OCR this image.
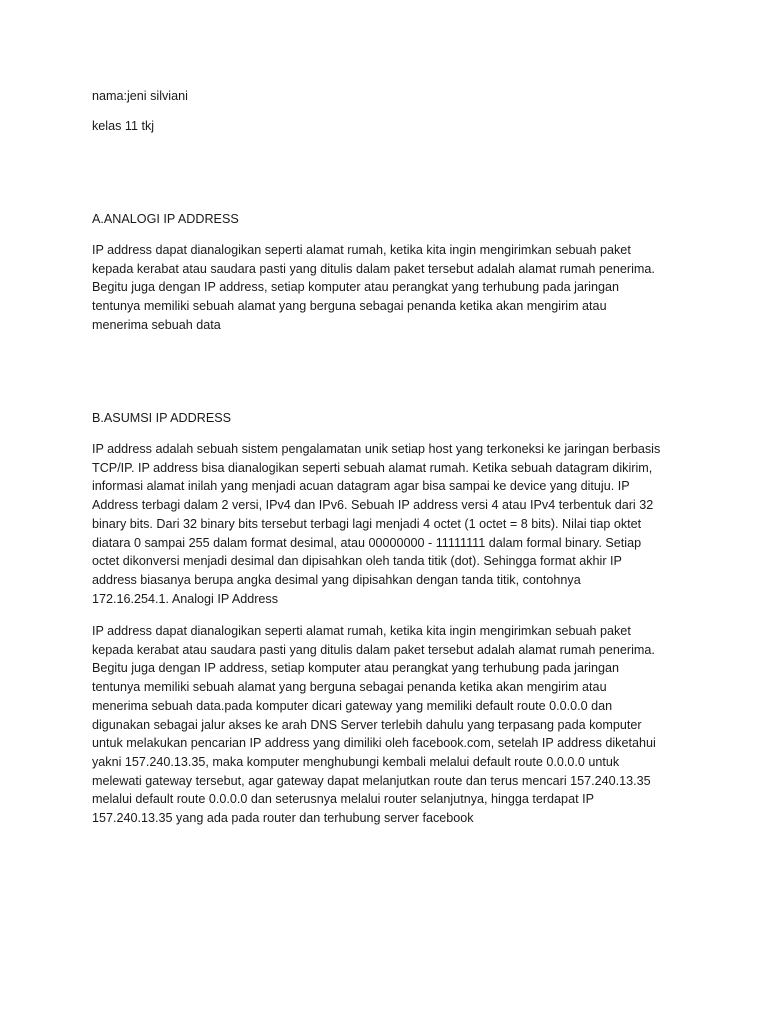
nama:jeni silviani

kelas 11 tkj

A.ANALOGI IP ADDRESS

IP address dapat dianalogikan seperti alamat rumah, ketika kita ingin mengirimkan sebuah paket
kepada kerabat atau saudara pasti yang ditulis dalam paket tersebut adalah alamat rumah penerima.
Begitu juga dengan IP address, setiap komputer atau perangkat yang terhubung pada jaringan
tentunya memiliki sebuah alamat yang berguna sebagai penanda ketika akan mengirim atau
menerima sebuah data

B.ASUMSI IP ADDRESS

IP address adalah sebuah sistem pengalamatan unik setiap host yang terkoneksi ke jaringan berbasis
TCP/IP. IP address bisa dianalogikan seperti sebuah alamat rumah. Ketika sebuah datagram dikirim,
informasi alamat inilah yang menjadi acuan datagram agar bisa sampai ke device yang dituju. IP
Address terbagi dalam 2 versi, IPv4 dan IPv6. Sebuah IP address versi 4 atau IPv4 terbentuk dari 32
binary bits. Dari 32 binary bits tersebut terbagi lagi menjadi 4 octet (1 octet = 8 bits). Nilai tiap oktet
diatara 0 sampai 255 dalam format desimal, atau 00000000 - 11111111 dalam formal binary. Setiap
octet dikonversi menjadi desimal dan dipisahkan oleh tanda titik (dot). Sehingga format akhir IP
address biasanya berupa angka desimal yang dipisahkan dengan tanda titik, contohnya
172.16.254.1. Analogi IP Address
IP address dapat dianalogikan seperti alamat rumah, ketika kita ingin mengirimkan sebuah paket
kepada kerabat atau saudara pasti yang ditulis dalam paket tersebut adalah alamat rumah penerima.
Begitu juga dengan IP address, setiap komputer atau perangkat yang terhubung pada jaringan
tentunya memiliki sebuah alamat yang berguna sebagai penanda ketika akan mengirim atau
menerima sebuah data.pada komputer dicari gateway yang memiliki default route 0.0.0.0 dan
digunakan sebagai jalur akses ke arah DNS Server terlebih dahulu yang terpasang pada komputer
untuk melakukan pencarian IP address yang dimiliki oleh facebook.com, setelah IP address diketahui
yakni 157.240.13.35, maka komputer menghubungi kembali melalui default route 0.0.0.0 untuk
melewati gateway tersebut, agar gateway dapat melanjutkan route dan terus mencari 157.240.13.35
melalui default route 0.0.0.0 dan seterusnya melalui router selanjutnya, hingga terdapat IP
157.240.13.35 yang ada pada router dan terhubung server facebook
